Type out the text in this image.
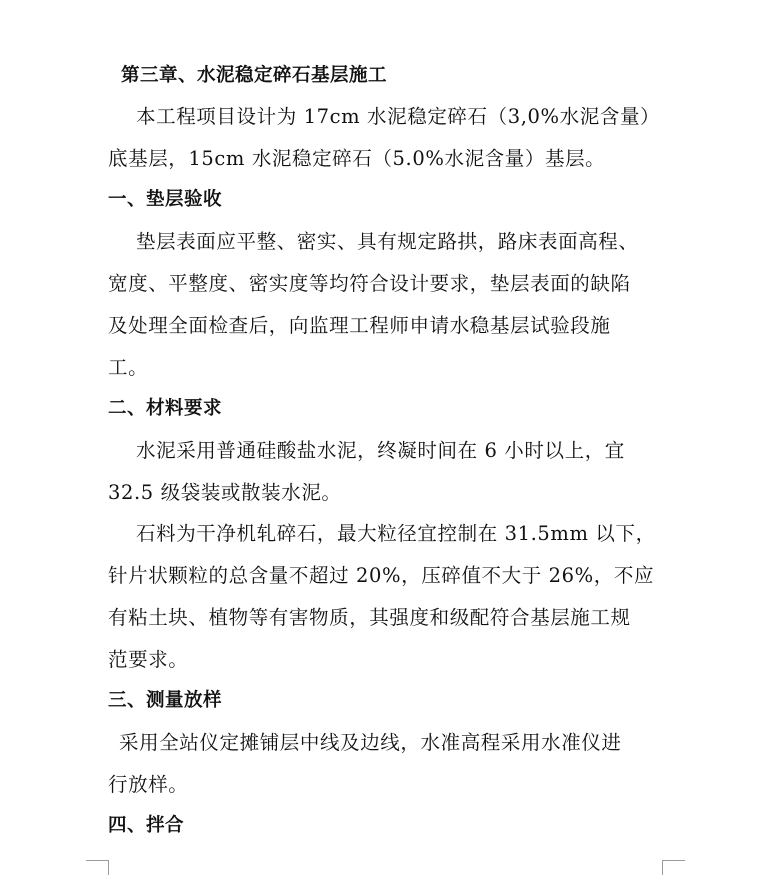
第三章、水泥稳定碎石基层施工
本工程项目设计为 17cm 水泥稳定碎石（3,0%水泥含量）
底基层，15cm 水泥稳定碎石（5.0%水泥含量）基层。
一、垫层验收
垫层表面应平整、密实、具有规定路拱，路床表面高程、
宽度、平整度、密实度等均符合设计要求，垫层表面的缺陷
及处理全面检查后，向监理工程师申请水稳基层试验段施
工。
二、材料要求
水泥采用普通硅酸盐水泥，终凝时间在 6 小时以上，宜
32.5 级袋装或散装水泥。
石料为干净机轧碎石，最大粒径宜控制在 31.5mm 以下，
针片状颗粒的总含量不超过 20%，压碎值不大于 26%，不应
有粘土块、植物等有害物质，其强度和级配符合基层施工规
范要求。
三、测量放样
采用全站仪定摊铺层中线及边线，水准高程采用水准仪进
行放样。
四、拌合
